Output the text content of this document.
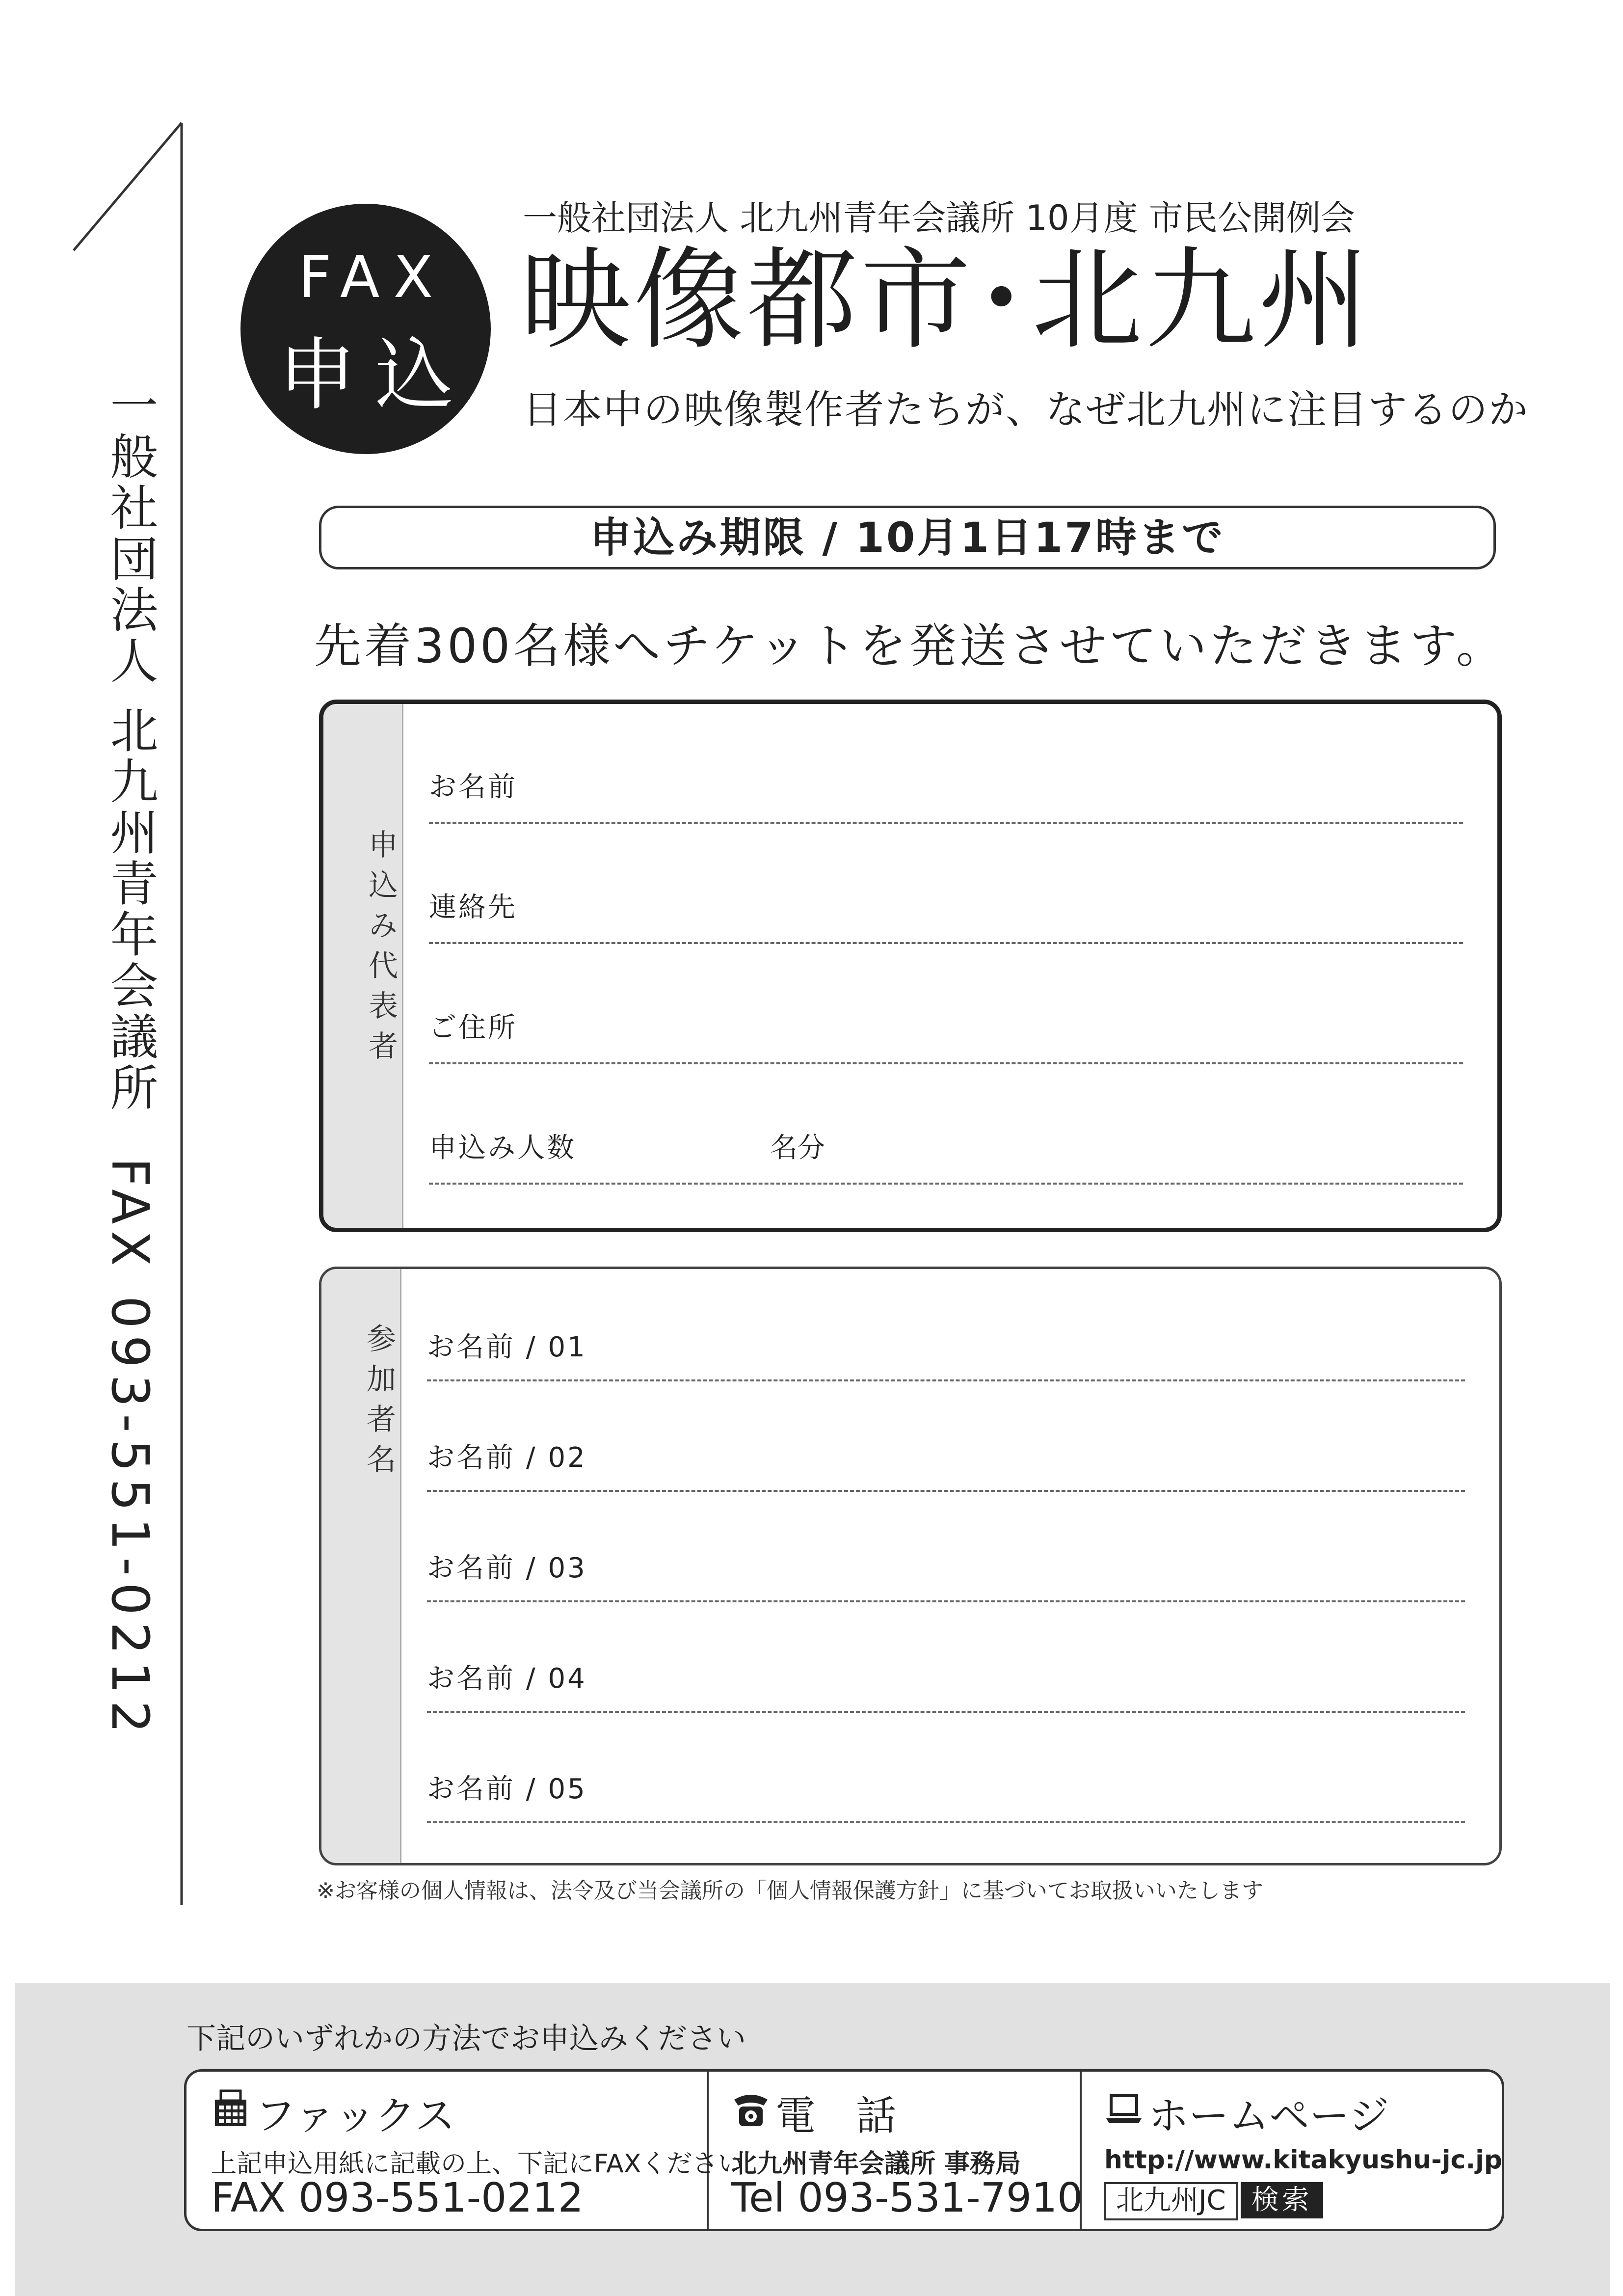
一般社団法人 北九州青年会議所FAX 093-551-0212
FAX
申込
一般社団法人 北九州青年会議所 10月度 市民公開例会
映像都市･北九州
日本中の映像製作者たちが、なぜ北九州に注目するのか
申込み期限 / 10月1日17時まで
先着300名様へチケットを発送させていただきます。
申込み代表者
お名前
連絡先
ご住所
申込み人数	名分
参加者名 お名前 / 01
お名前 / 02
お名前 / 03
お名前 / 04
お名前 / 05
※お客様の個人情報は、法令及び当会議所の「個人情報保護方針」に基づいてお取扱いいたします
下記のいずれかの方法でお申込みください
ファックス
上記申込用紙に記載の上、下記にFAXください
FAX 093-551-0212
電　話
北九州青年会議所 事務局
Tel 093-531-7910
ホームページ
http://www.kitakyushu-jc.jp
北九州JC 検索
